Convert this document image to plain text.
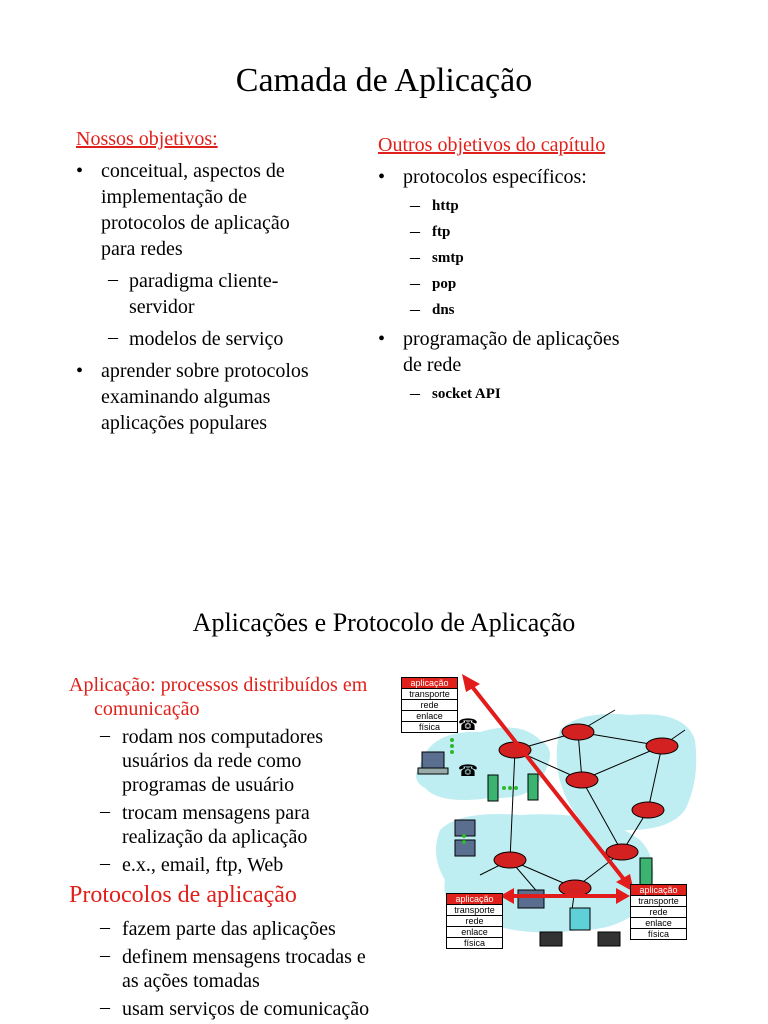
Camada de Aplicação
Nossos objetivos:
• conceitual, aspectos de
implementação de
protocolos de aplicação
para redes
– paradigma cliente-
servidor
– modelos de serviço
• aprender sobre protocolos
examinando algumas
aplicações populares
Outros objetivos do capítulo
• protocolos específicos:
– http
– ftp
– smtp
– pop
– dns
• programação de aplicações
de rede
– socket API
Aplicações e Protocolo de Aplicação
Aplicação: processos distribuídos em
comunicação
– rodam nos computadores
usuários da rede como
programas de usuário
– trocam mensagens para
realização da aplicação
– e.x., email, ftp, Web
Protocolos de aplicação
– fazem parte das aplicações
– definem mensagens trocadas e
as ações tomadas
– usam serviços de comunicação
☎
☎
aplicação
transporte
rede
enlace
física
aplicação
transporte
rede
enlace
física
aplicação
transporte
rede
enlace
física
